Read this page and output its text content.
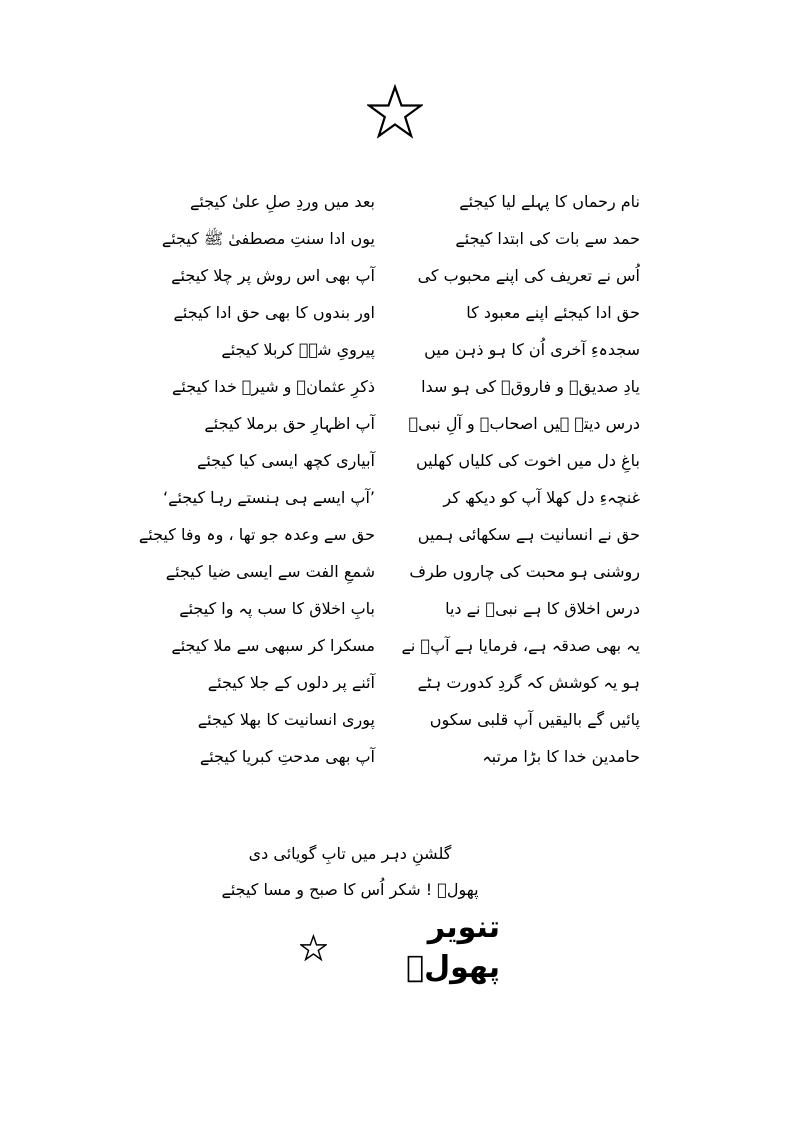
نام رحماں کا پہلے لیا کیجئے
بعد میں وردِ صلِ علیٰ کیجئے
حمد سے بات کی ابتدا کیجئے
یوں ادا سنتِ مصطفیٰ ﷺ کیجئے
اُس نے تعریف کی اپنے محبوب کی
آپ بھی اس روش پر چلا کیجئے
حق ادا کیجئے اپنے معبود کا
اور بندوں کا بھی حق ادا کیجئے
سجدہءِ آخری اُن کا ہو ذہن میں
پیرویِ شہؓ کربلا کیجئے
یادِ صدیقؓ و فاروقؓ کی ہو سدا
ذکرِ عثمانؓ و شیرؓ خدا کیجئے
درس دیتے ہیں اصحابؓ و آلِ نبیؐ
آپ اظہارِ حق برملا کیجئے
باغِ دل میں اخوت کی کلیاں کھلیں
آبیاری کچھ ایسی کیا کیجئے
غنچہءِ دل کھلا آپ کو دیکھ کر
’آپ ایسے ہی ہنستے رہا کیجئے‘
حق نے انسانیت ہے سکھائی ہمیں
حق سے وعدہ جو تھا ، وہ وفا کیجئے
روشنی ہو محبت کی چاروں طرف
شمعِ الفت سے ایسی ضیا کیجئے
درس اخلاق کا ہے نبیؐ نے دیا
بابِ اخلاق کا سب پہ وا کیجئے
یہ بھی صدقہ ہے، فرمایا ہے آپؐ نے
مسکرا کر سبھی سے ملا کیجئے
ہو یہ کوشش کہ گردِ کدورت ہٹے
آئنے پر دلوں کے جلا کیجئے
پائیں گے بالیقیں آپ قلبی سکوں
پوری انسانیت کا بھلا کیجئے
حامدین خدا کا بڑا مرتبہ
آپ بھی مدحتِ کبریا کیجئے
گلشنِ دہر میں تابِ گویائی دی
پھولؔ ! شکر اُس کا صبح و مسا کیجئے
تنویر پھولؔ
